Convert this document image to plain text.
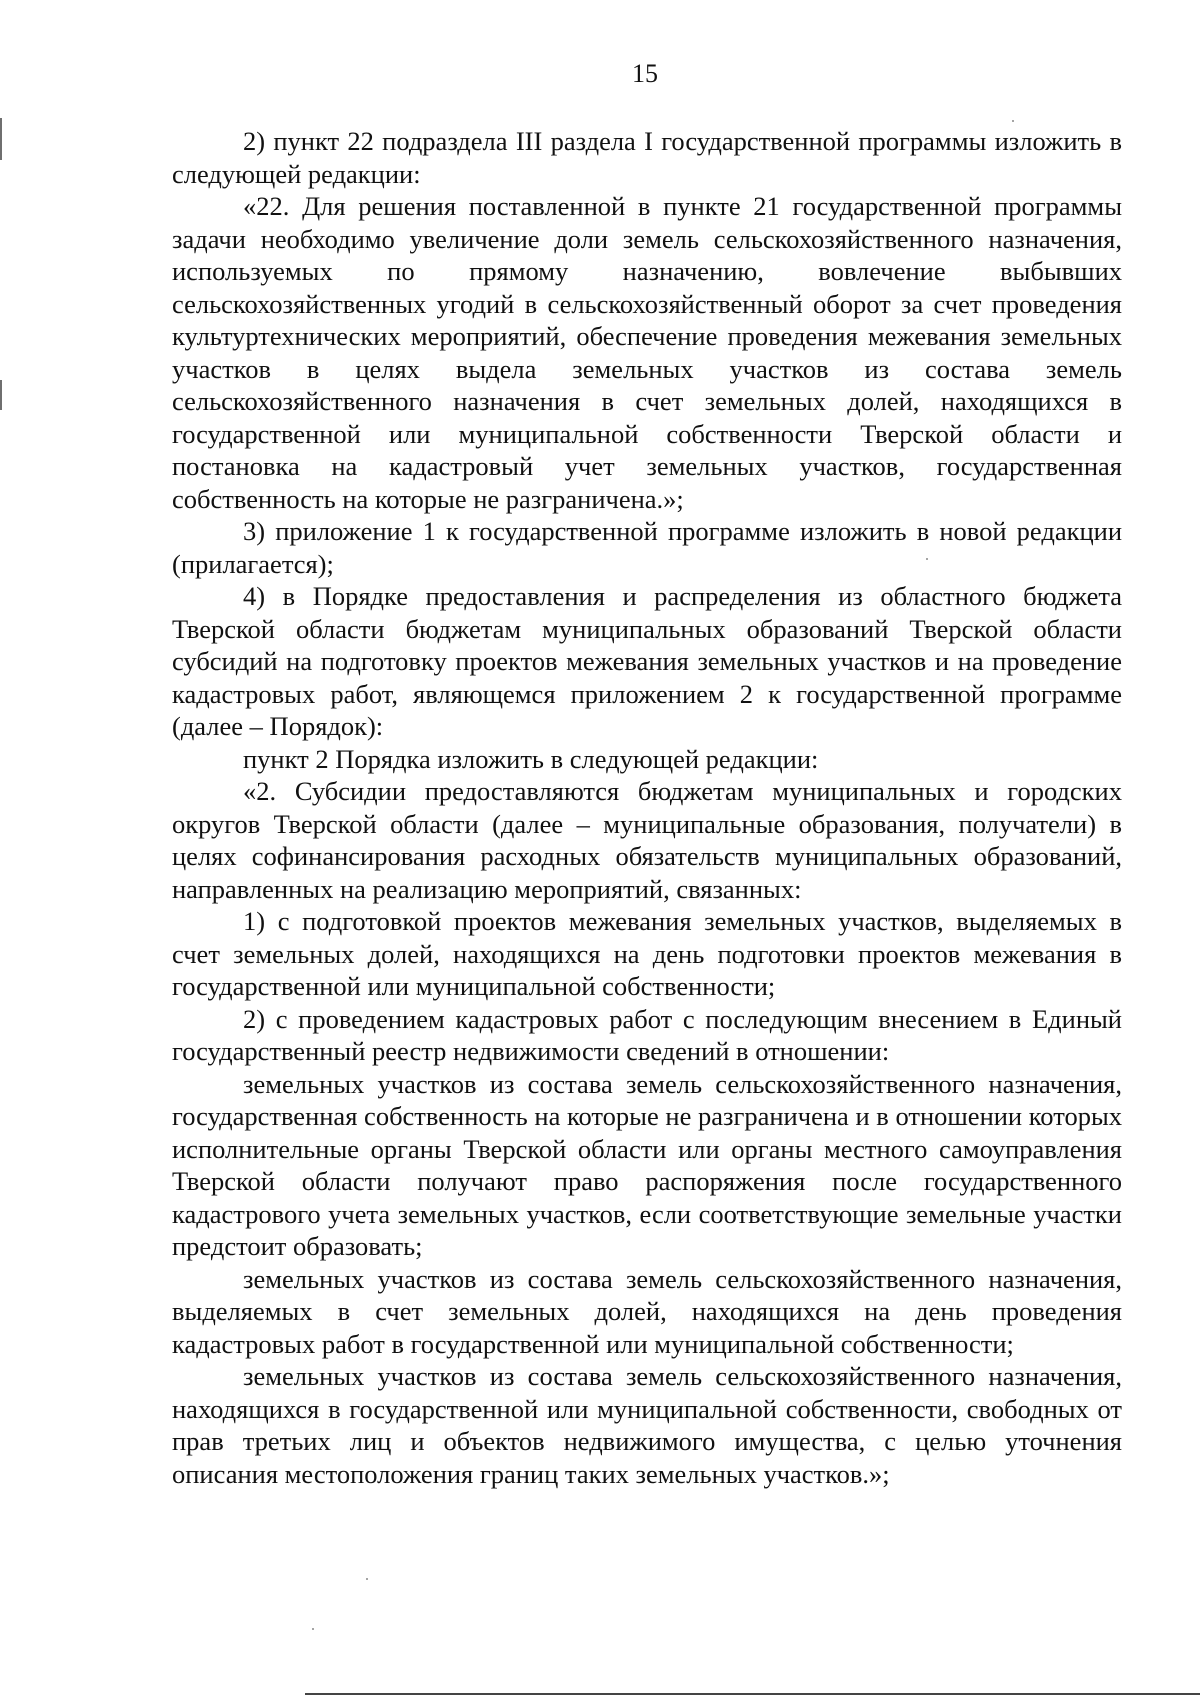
15

2) пункт 22 подраздела III раздела I государственной программы изложить в следующей редакции:

«22. Для решения поставленной в пункте 21 государственной программы задачи необходимо увеличение доли земель сельскохозяйственного назначения, используемых по прямому назначению, вовлечение выбывших сельскохозяйственных угодий в сельскохозяйственный оборот за счет проведения культуртехнических мероприятий, обеспечение проведения межевания земельных участков в целях выдела земельных участков из состава земель сельскохозяйственного назначения в счет земельных долей, находящихся в государственной или муниципальной собственности Тверской области и постановка на кадастровый учет земельных участков, государственная собственность на которые не разграничена.»;

3) приложение 1 к государственной программе изложить в новой редакции (прилагается);

4) в Порядке предоставления и распределения из областного бюджета Тверской области бюджетам муниципальных образований Тверской области субсидий на подготовку проектов межевания земельных участков и на проведение кадастровых работ, являющемся приложением 2 к государственной программе (далее – Порядок):

пункт 2 Порядка изложить в следующей редакции:

«2. Субсидии предоставляются бюджетам муниципальных и городских округов Тверской области (далее – муниципальные образования, получатели) в целях софинансирования расходных обязательств муниципальных образований, направленных на реализацию мероприятий, связанных:

1) с подготовкой проектов межевания земельных участков, выделяемых в счет земельных долей, находящихся на день подготовки проектов межевания в государственной или муниципальной собственности;

2) с проведением кадастровых работ с последующим внесением в Единый государственный реестр недвижимости сведений в отношении:

земельных участков из состава земель сельскохозяйственного назначения, государственная собственность на которые не разграничена и в отношении которых исполнительные органы Тверской области или органы местного самоуправления Тверской области получают право распоряжения после государственного кадастрового учета земельных участков, если соответствующие земельные участки предстоит образовать;

земельных участков из состава земель сельскохозяйственного назначения, выделяемых в счет земельных долей, находящихся на день проведения кадастровых работ в государственной или муниципальной собственности;

земельных участков из состава земель сельскохозяйственного назначения, находящихся в государственной или муниципальной собственности, свободных от прав третьих лиц и объектов недвижимого имущества, с целью уточнения описания местоположения границ таких земельных участков.»;
